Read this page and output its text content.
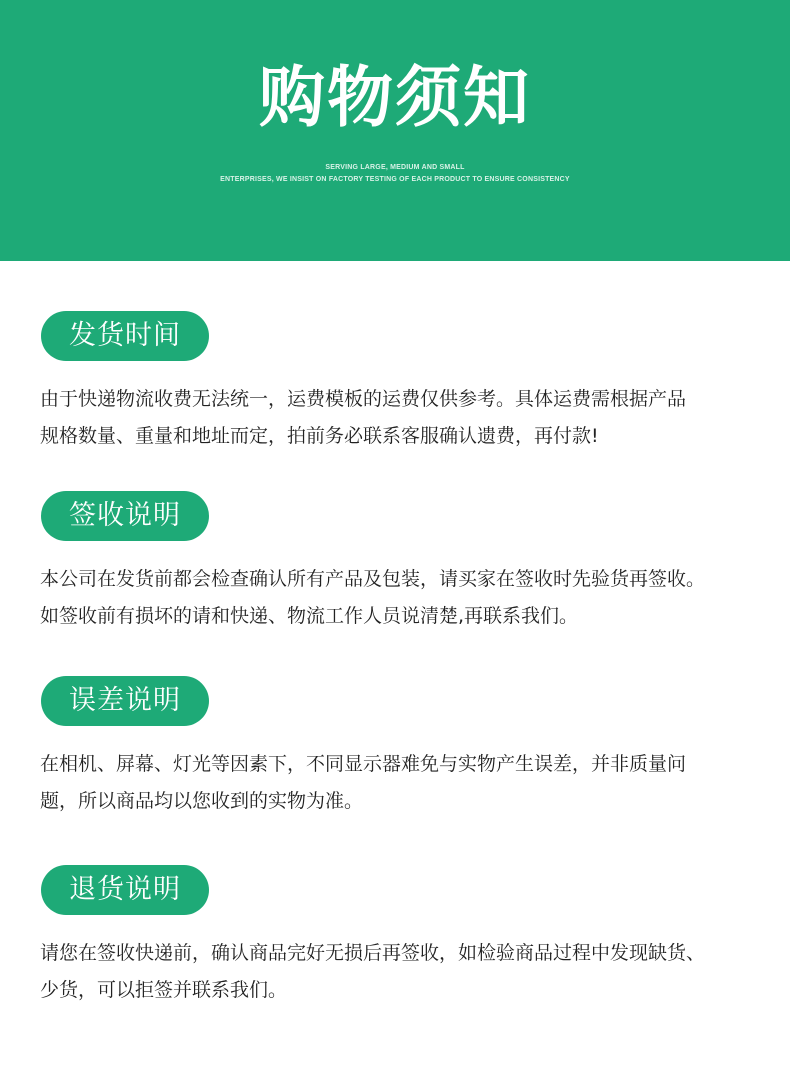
购物须知
SERVING LARGE, MEDIUM AND SMALL
ENTERPRISES, WE INSIST ON FACTORY TESTING OF EACH PRODUCT TO ENSURE CONSISTENCY
发货时间
由于快递物流收费无法统一，运费模板的运费仅供参考。具体运费需根据产品
规格数量、重量和地址而定，拍前务必联系客服确认遗费，再付款!
签收说明
本公司在发货前都会检查确认所有产品及包装，请买家在签收时先验货再签收。
如签收前有损坏的请和快递、物流工作人员说清楚,再联系我们。
误差说明
在相机、屏幕、灯光等因素下，不同显示器难免与实物产生误差，并非质量问
题，所以商品均以您收到的实物为准。
退货说明
请您在签收快递前，确认商品完好无损后再签收，如检验商品过程中发现缺货、
少货，可以拒签并联系我们。
